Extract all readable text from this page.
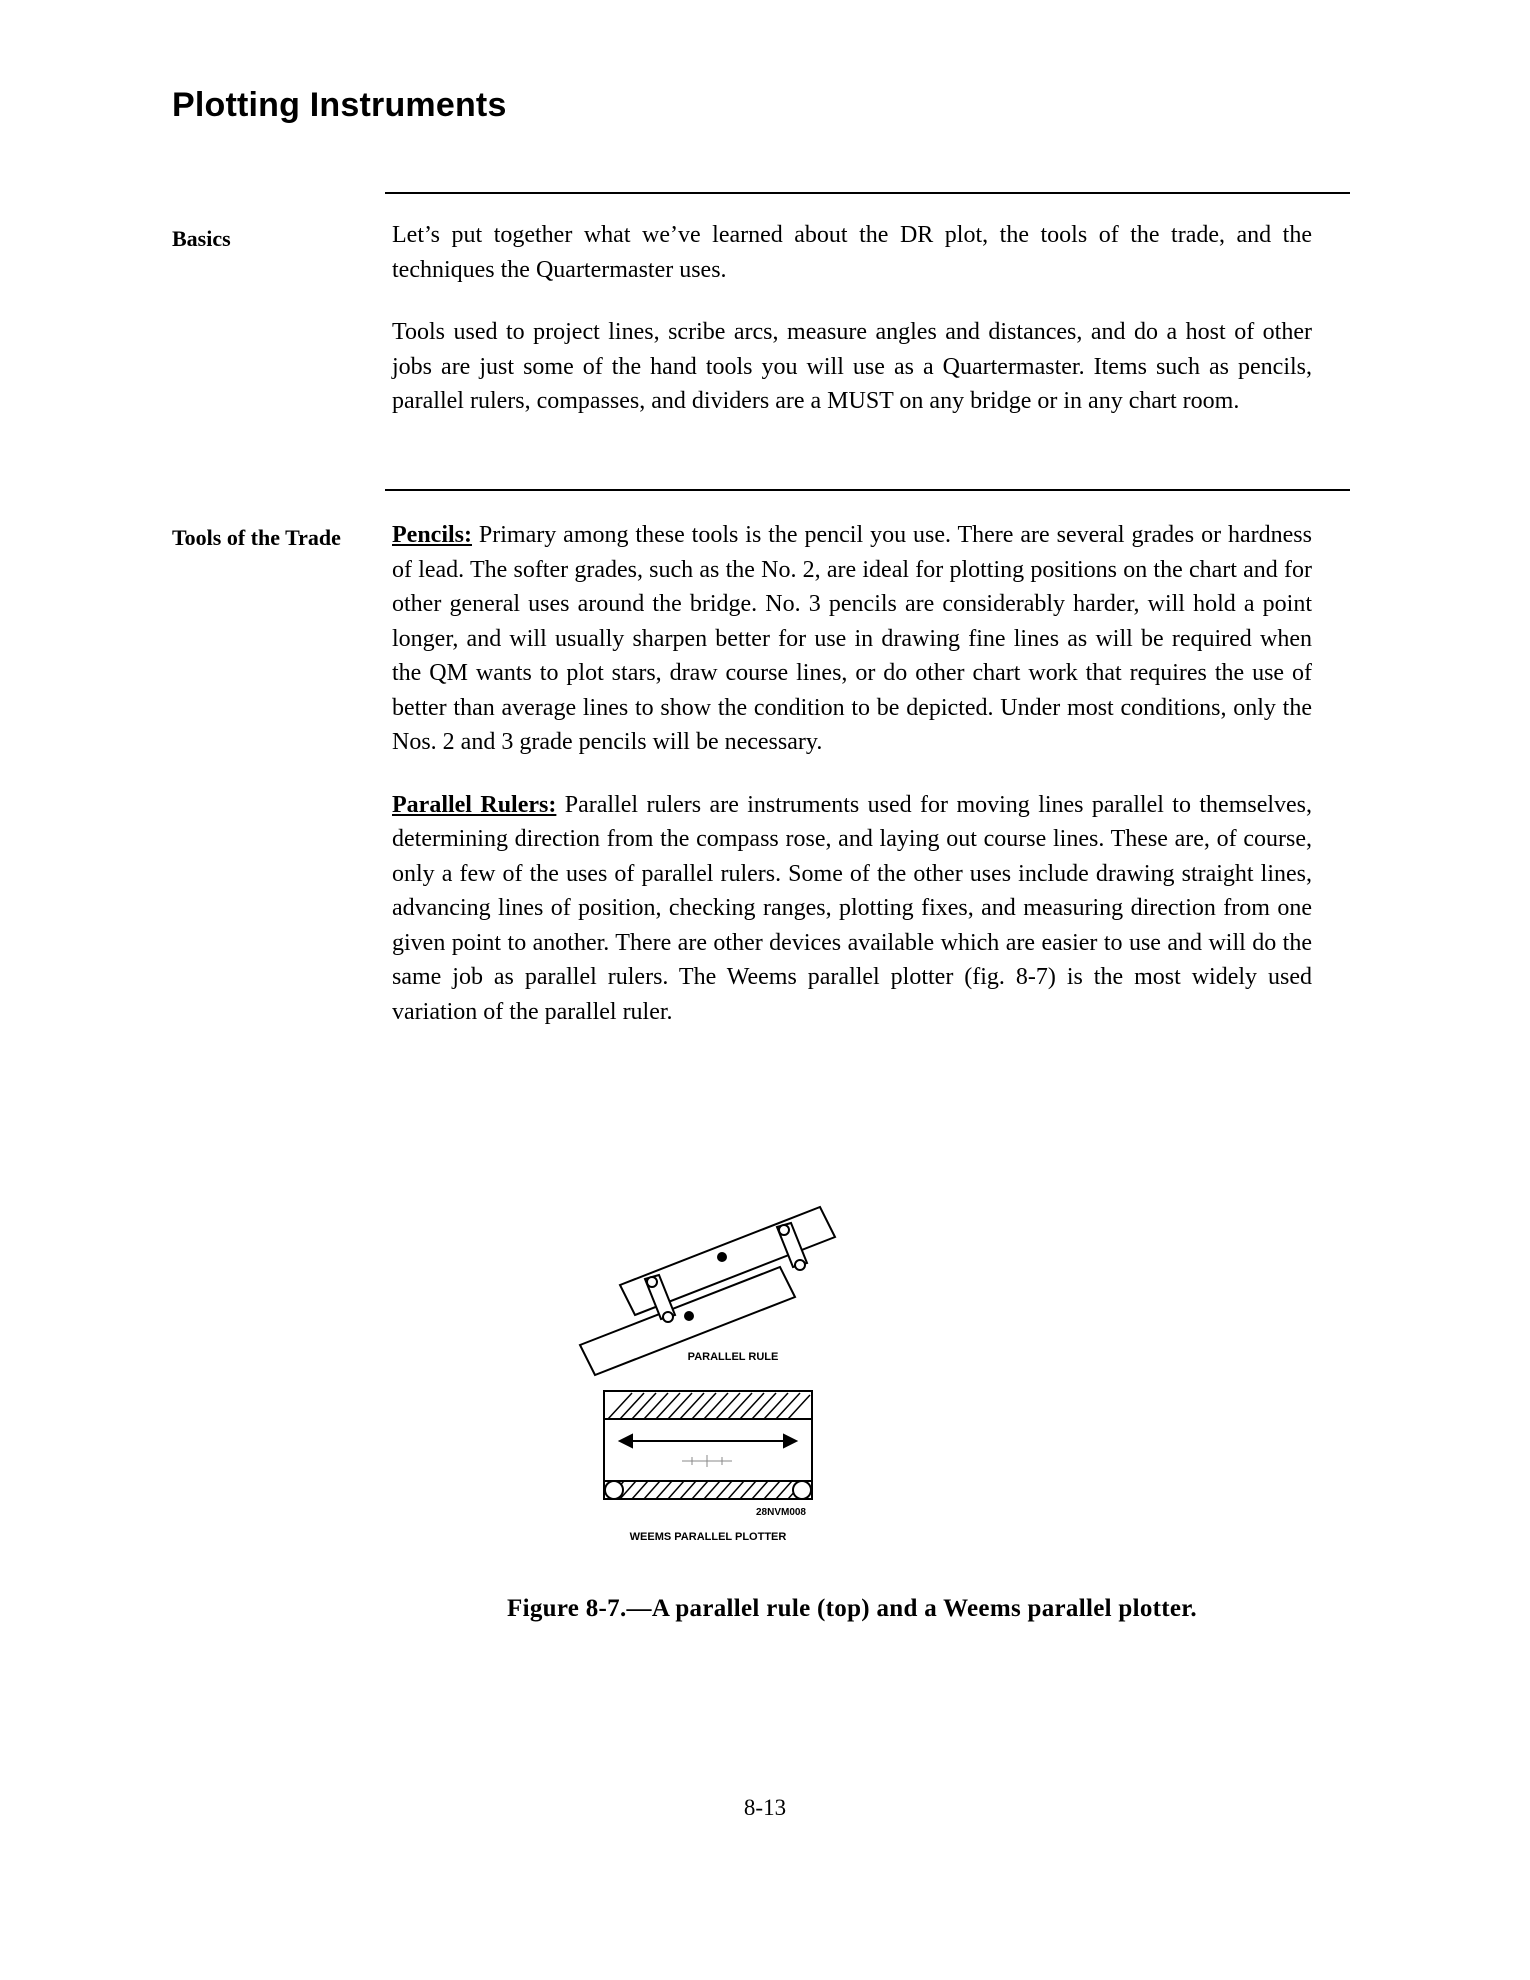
Plotting Instruments
Basics	Let’s put together what we’ve learned about the DR plot, the tools of the trade, and the techniques the Quartermaster uses.

Tools used to project lines, scribe arcs, measure angles and distances, and do a host of other jobs are just some of the hand tools you will use as a Quartermaster. Items such as pencils, parallel rulers, compasses, and dividers are a MUST on any bridge or in any chart room.

Tools of the Trade	Pencils: Primary among these tools is the pencil you use. There are several grades or hardness of lead. The softer grades, such as the No. 2, are ideal for plotting positions on the chart and for other general uses around the bridge. No. 3 pencils are considerably harder, will hold a point longer, and will usually sharpen better for use in drawing fine lines as will be required when the QM wants to plot stars, draw course lines, or do other chart work that requires the use of better than average lines to show the condition to be depicted. Under most conditions, only the Nos. 2 and 3 grade pencils will be necessary.

Parallel Rulers: Parallel rulers are instruments used for moving lines parallel to themselves, determining direction from the compass rose, and laying out course lines. These are, of course, only a few of the uses of parallel rulers. Some of the other uses include drawing straight lines, advancing lines of position, checking ranges, plotting fixes, and measuring direction from one given point to another. There are other devices available which are easier to use and will do the same job as parallel rulers. The Weems parallel plotter (fig. 8-7) is the most widely used variation of the parallel ruler.

PARALLEL RULE
28NVM008
WEEMS PARALLEL PLOTTER
Figure 8-7.—A parallel rule (top) and a Weems parallel plotter.
8-13
